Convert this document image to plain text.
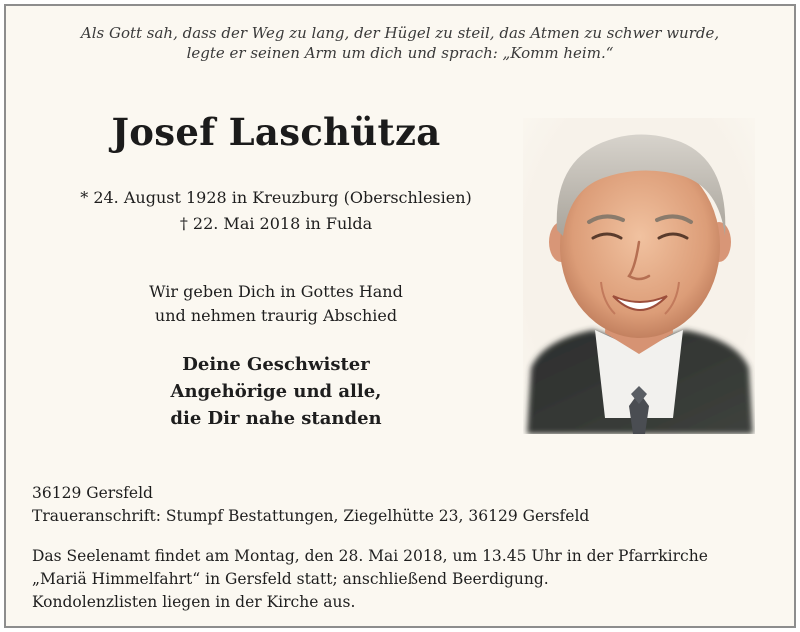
Als Gott sah, dass der Weg zu lang, der Hügel zu steil, das Atmen zu schwer wurde,
legte er seinen Arm um dich und sprach: „Komm heim.“
Josef Laschütza
* 24. August 1928 in Kreuzburg (Oberschlesien)
† 22. Mai 2018 in Fulda
Wir geben Dich in Gottes Hand
und nehmen traurig Abschied
Deine Geschwister
Angehörige und alle,
die Dir nahe standen
36129 Gersfeld
Traueranschrift: Stumpf Bestattungen, Ziegelhütte 23, 36129 Gersfeld
Das Seelenamt findet am Montag, den 28. Mai 2018, um 13.45 Uhr in der Pfarrkirche
„Mariä Himmelfahrt“ in Gersfeld statt; anschließend Beerdigung.
Kondolenzlisten liegen in der Kirche aus.
